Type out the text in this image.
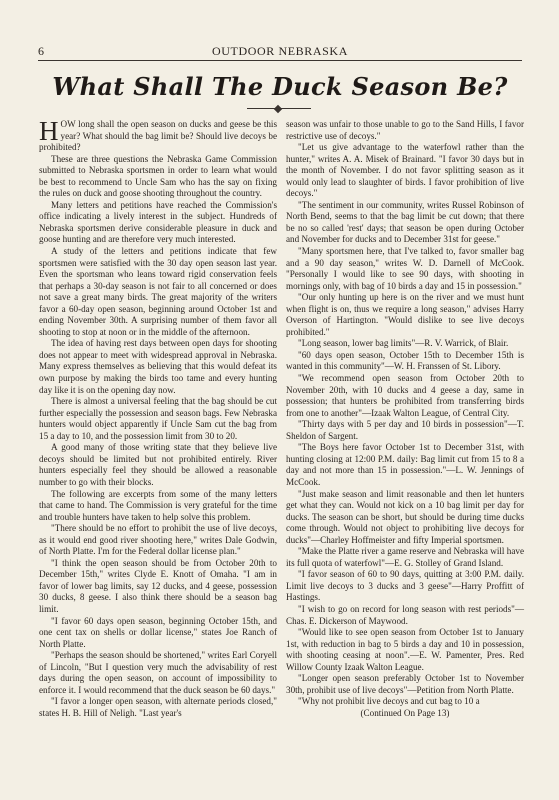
6	OUTDOOR NEBRASKA
What Shall The Duck Season Be?

HOW long shall the open season on ducks and geese be this year? What should the bag limit be? Should live decoys be prohibited?

These are three questions the Nebraska Game Commission submitted to Nebraska sportsmen in order to learn what would be best to recommend to Uncle Sam who has the say on fixing the rules on duck and goose shooting throughout the country.

Many letters and petitions have reached the Commission's office indicating a lively interest in the subject. Hundreds of Nebraska sportsmen derive considerable pleasure in duck and goose hunting and are therefore very much interested.

A study of the letters and petitions indicate that few sportsmen were satisfied with the 30 day open season last year. Even the sportsman who leans toward rigid conservation feels that perhaps a 30-day season is not fair to all concerned or does not save a great many birds. The great majority of the writers favor a 60-day open season, beginning around October 1st and ending November 30th. A surprising number of them favor all shooting to stop at noon or in the middle of the afternoon.

The idea of having rest days between open days for shooting does not appear to meet with widespread approval in Nebraska. Many express themselves as believing that this would defeat its own purpose by making the birds too tame and every hunting day like it is on the opening day now.

There is almost a universal feeling that the bag should be cut further especially the possession and season bags. Few Nebraska hunters would object apparently if Uncle Sam cut the bag from 15 a day to 10, and the possession limit from 30 to 20.

A good many of those writing state that they believe live decoys should be limited but not prohibited entirely. River hunters especially feel they should be allowed a reasonable number to go with their blocks.

The following are excerpts from some of the many letters that came to hand. The Commission is very grateful for the time and trouble hunters have taken to help solve this problem.

"There should be no effort to prohibit the use of live decoys, as it would end good river shooting here," writes Dale Godwin, of North Platte. I'm for the Federal dollar license plan."

"I think the open season should be from October 20th to December 15th," writes Clyde E. Knott of Omaha. "I am in favor of lower bag limits, say 12 ducks, and 4 geese, possession 30 ducks, 8 geese. I also think there should be a season bag limit.

"I favor 60 days open season, beginning October 15th, and one cent tax on shells or dollar license," states Joe Ranch of North Platte.

"Perhaps the season should be shortened," writes Earl Coryell of Lincoln, "But I question very much the advisability of rest days during the open season, on account of impossibility to enforce it. I would recommend that the duck season be 60 days."

"I favor a longer open season, with alternate periods closed," states H. B. Hill of Neligh. "Last year's

season was unfair to those unable to go to the Sand Hills, I favor restrictive use of decoys."

"Let us give advantage to the waterfowl rather than the hunter," writes A. A. Misek of Brainard. "I favor 30 days but in the month of November. I do not favor splitting season as it would only lead to slaughter of birds. I favor prohibition of live decoys."

"The sentiment in our community, writes Russel Robinson of North Bend, seems to that the bag limit be cut down; that there be no so called 'rest' days; that season be open during October and November for ducks and to December 31st for geese."

"Many sportsmen here, that I've talked to, favor smaller bag and a 90 day season," writes W. D. Darnell of McCook. "Personally I would like to see 90 days, with shooting in mornings only, with bag of 10 birds a day and 15 in possession."

"Our only hunting up here is on the river and we must hunt when flight is on, thus we require a long season," advises Harry Overson of Hartington. "Would dislike to see live decoys prohibited."

"Long season, lower bag limits"—R. V. Warrick, of Blair.

"60 days open season, October 15th to December 15th is wanted in this community"—W. H. Franssen of St. Libory.

"We recommend open season from October 20th to November 20th, with 10 ducks and 4 geese a day, same in possession; that hunters be prohibited from transferring birds from one to another"—Izaak Walton League, of Central City.

"Thirty days with 5 per day and 10 birds in possession"—T. Sheldon of Sargent.

"The Boys here favor October 1st to December 31st, with hunting closing at 12:00 P.M. daily: Bag limit cut from 15 to 8 a day and not more than 15 in possession."—L. W. Jennings of McCook.

"Just make season and limit reasonable and then let hunters get what they can. Would not kick on a 10 bag limit per day for ducks. The season can be short, but should be during time ducks come through. Would not object to prohibiting live decoys for ducks"—Charley Hoffmeister and fifty Imperial sportsmen.

"Make the Platte river a game reserve and Nebraska will have its full quota of waterfowl"—E. G. Stolley of Grand Island.

"I favor season of 60 to 90 days, quitting at 3:00 P.M. daily. Limit live decoys to 3 ducks and 3 geese"—Harry Proffitt of Hastings.

"I wish to go on record for long season with rest periods"—Chas. E. Dickerson of Maywood.

"Would like to see open season from October 1st to January 1st, with reduction in bag to 5 birds a day and 10 in possession, with shooting ceasing at noon".—E. W. Pamenter, Pres. Red Willow County Izaak Walton League.

"Longer open season preferably October 1st to November 30th, prohibit use of live decoys"—Petition from North Platte.

"Why not prohibit live decoys and cut bag to 10 a

(Continued On Page 13)
